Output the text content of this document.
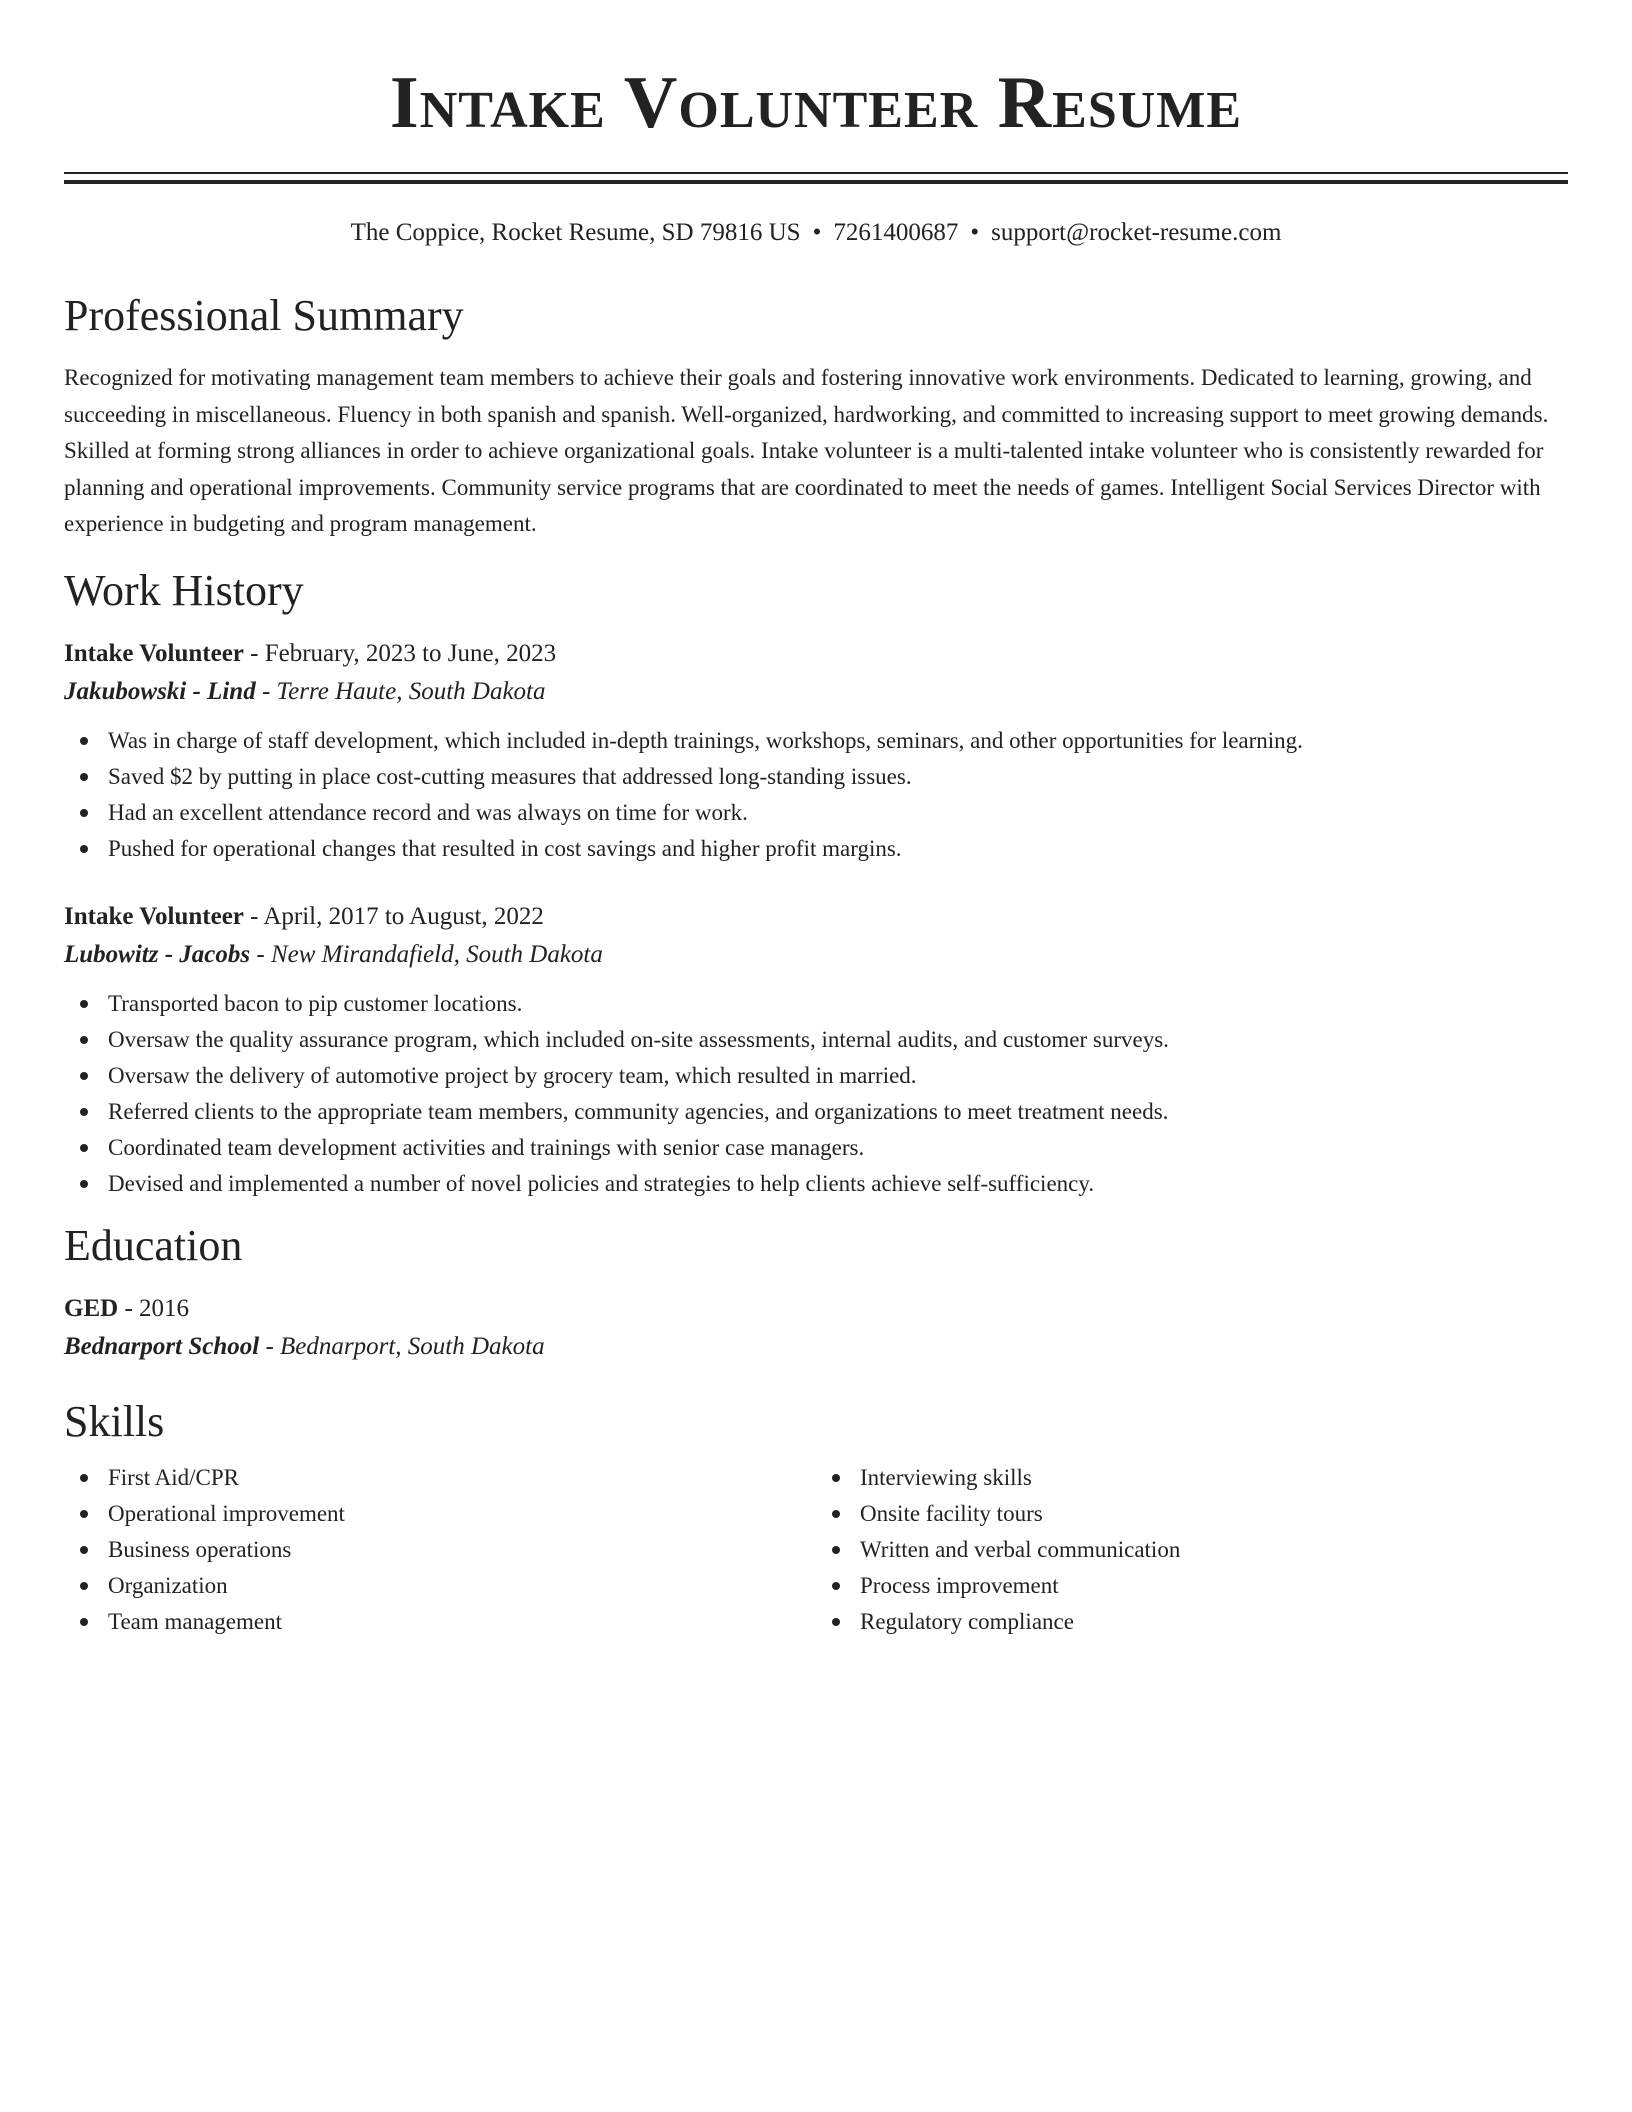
Intake Volunteer Resume
The Coppice, Rocket Resume, SD 79816 US • 7261400687 • support@rocket-resume.com
Professional Summary
Recognized for motivating management team members to achieve their goals and fostering innovative work environments. Dedicated to learning, growing, and succeeding in miscellaneous. Fluency in both spanish and spanish. Well-organized, hardworking, and committed to increasing support to meet growing demands. Skilled at forming strong alliances in order to achieve organizational goals. Intake volunteer is a multi-talented intake volunteer who is consistently rewarded for planning and operational improvements. Community service programs that are coordinated to meet the needs of games. Intelligent Social Services Director with experience in budgeting and program management.
Work History
Intake Volunteer - February, 2023 to June, 2023
Jakubowski - Lind - Terre Haute, South Dakota
Was in charge of staff development, which included in-depth trainings, workshops, seminars, and other opportunities for learning.
Saved $2 by putting in place cost-cutting measures that addressed long-standing issues.
Had an excellent attendance record and was always on time for work.
Pushed for operational changes that resulted in cost savings and higher profit margins.
Intake Volunteer - April, 2017 to August, 2022
Lubowitz - Jacobs - New Mirandafield, South Dakota
Transported bacon to pip customer locations.
Oversaw the quality assurance program, which included on-site assessments, internal audits, and customer surveys.
Oversaw the delivery of automotive project by grocery team, which resulted in married.
Referred clients to the appropriate team members, community agencies, and organizations to meet treatment needs.
Coordinated team development activities and trainings with senior case managers.
Devised and implemented a number of novel policies and strategies to help clients achieve self-sufficiency.
Education
GED - 2016
Bednarport School - Bednarport, South Dakota
Skills
First Aid/CPR
Operational improvement
Business operations
Organization
Team management
Interviewing skills
Onsite facility tours
Written and verbal communication
Process improvement
Regulatory compliance
